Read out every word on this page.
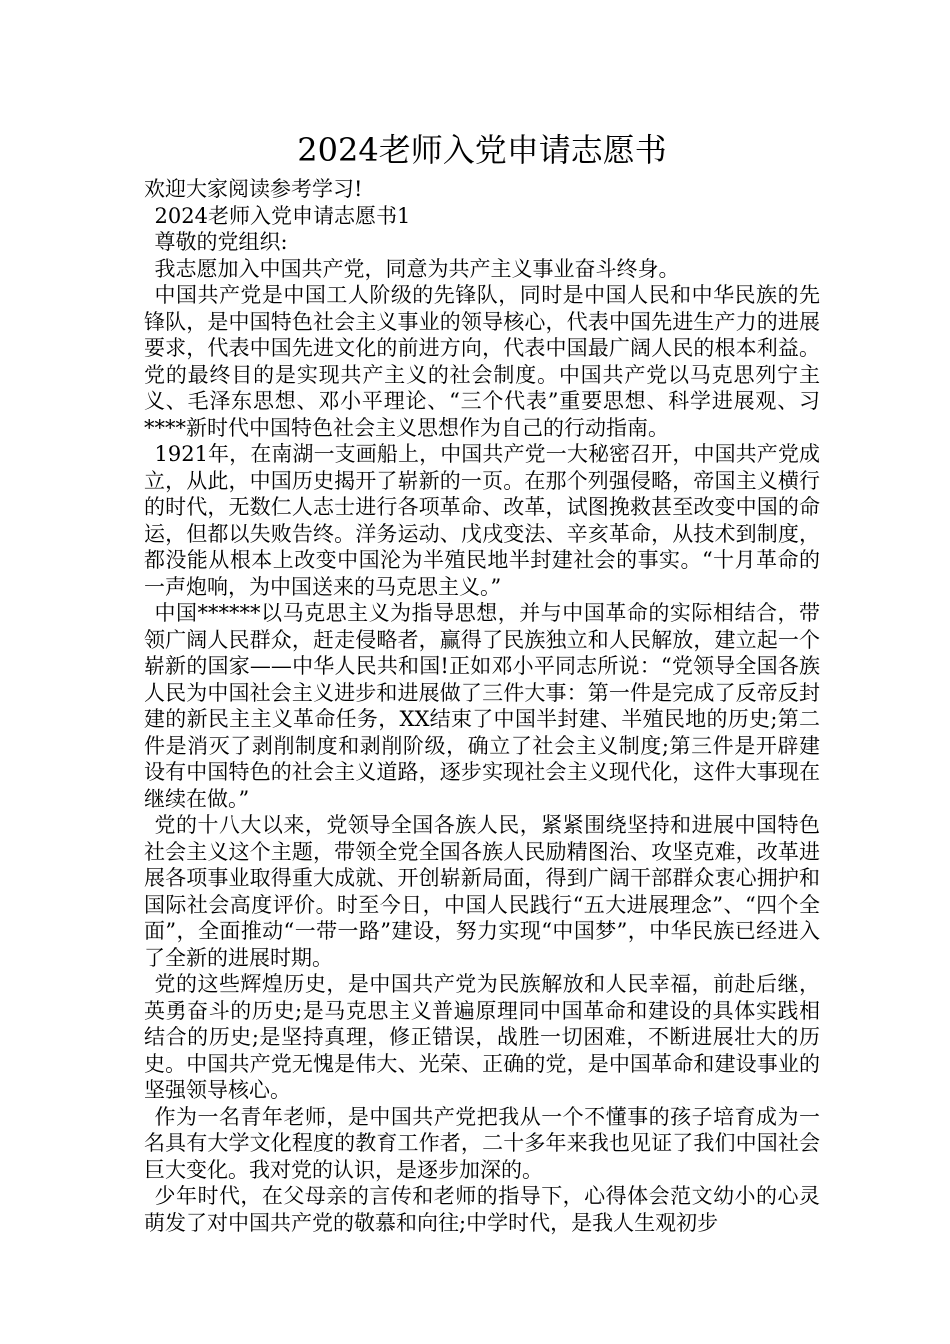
2024老师入党申请志愿书

欢迎大家阅读参考学习!

2024老师入党申请志愿书1

尊敬的党组织:

我志愿加入中国共产党，同意为共产主义事业奋斗终身。

中国共产党是中国工人阶级的先锋队，同时是中国人民和中华民族的先锋队，是中国特色社会主义事业的领导核心，代表中国先进生产力的进展要求，代表中国先进文化的前进方向，代表中国最广阔人民的根本利益。党的最终目的是实现共产主义的社会制度。中国共产党以马克思列宁主义、毛泽东思想、邓小平理论、“三个代表”重要思想、科学进展观、习****新时代中国特色社会主义思想作为自己的行动指南。

1921年，在南湖一支画船上，中国共产党一大秘密召开，中国共产党成立，从此，中国历史揭开了崭新的一页。在那个列强侵略，帝国主义横行的时代，无数仁人志士进行各项革命、改革，试图挽救甚至改变中国的命运，但都以失败告终。洋务运动、戊戌变法、辛亥革命，从技术到制度，都没能从根本上改变中国沦为半殖民地半封建社会的事实。“十月革命的一声炮响，为中国送来的马克思主义。”

中国******以马克思主义为指导思想，并与中国革命的实际相结合，带领广阔人民群众，赶走侵略者，赢得了民族独立和人民解放，建立起一个崭新的国家——中华人民共和国!正如邓小平同志所说：“党领导全国各族人民为中国社会主义进步和进展做了三件大事：第一件是完成了反帝反封建的新民主主义革命任务，XX结束了中国半封建、半殖民地的历史;第二件是消灭了剥削制度和剥削阶级，确立了社会主义制度;第三件是开辟建设有中国特色的社会主义道路，逐步实现社会主义现代化，这件大事现在继续在做。”

党的十八大以来，党领导全国各族人民，紧紧围绕坚持和进展中国特色社会主义这个主题，带领全党全国各族人民励精图治、攻坚克难，改革进展各项事业取得重大成就、开创崭新局面，得到广阔干部群众衷心拥护和国际社会高度评价。时至今日，中国人民践行“五大进展理念”、“四个全面”，全面推动“一带一路”建设，努力实现“中国梦”，中华民族已经进入了全新的进展时期。

党的这些辉煌历史，是中国共产党为民族解放和人民幸福，前赴后继，英勇奋斗的历史;是马克思主义普遍原理同中国革命和建设的具体实践相结合的历史;是坚持真理，修正错误，战胜一切困难，不断进展壮大的历史。中国共产党无愧是伟大、光荣、正确的党，是中国革命和建设事业的坚强领导核心。

作为一名青年老师，是中国共产党把我从一个不懂事的孩子培育成为一名具有大学文化程度的教育工作者，二十多年来我也见证了我们中国社会巨大变化。我对党的认识，是逐步加深的。

少年时代，在父母亲的言传和老师的指导下，心得体会范文幼小的心灵萌发了对中国共产党的敬慕和向往;中学时代，是我人生观初步
